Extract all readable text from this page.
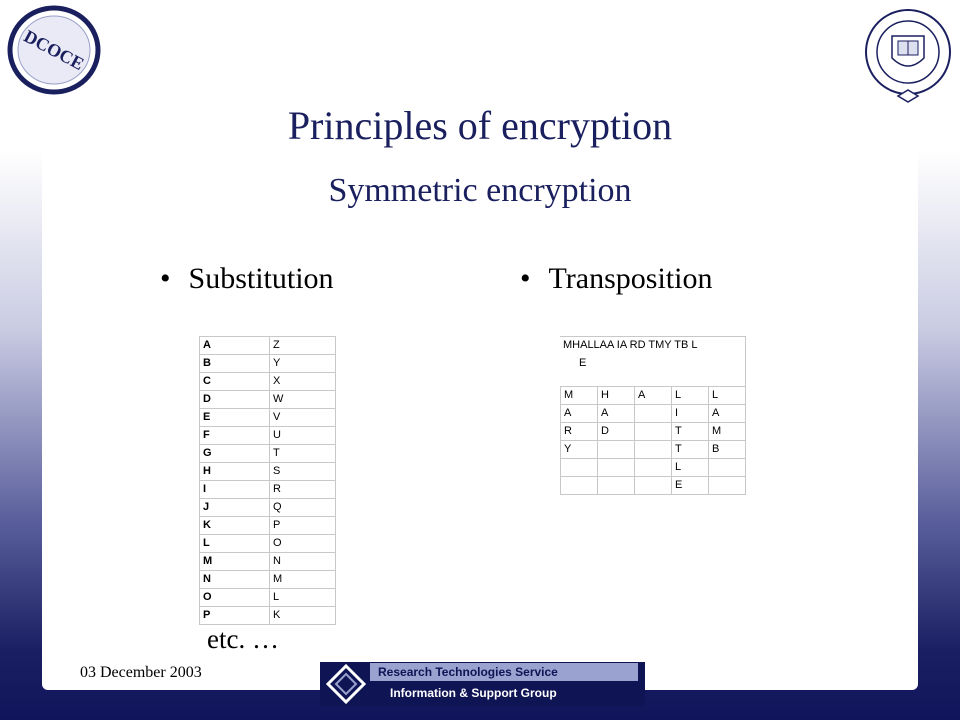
DCOCE
Principles of encryption
Symmetric encryption
• Substitution	• Transposition
A	Z
B	Y
C	X
D	W
E	V
F	U
G	T
H	S
I	R
J	Q
K	P
L	O
M	N
N	M
O	L
P	K
etc. …
MHALLAA IA RD TMY TB L
E
M	H	A	L	L
A	A		I	A
R	D		T	M
Y			T	B
			L	
			E	
03 December 2003	Research Technologies Service
Information & Support Group
